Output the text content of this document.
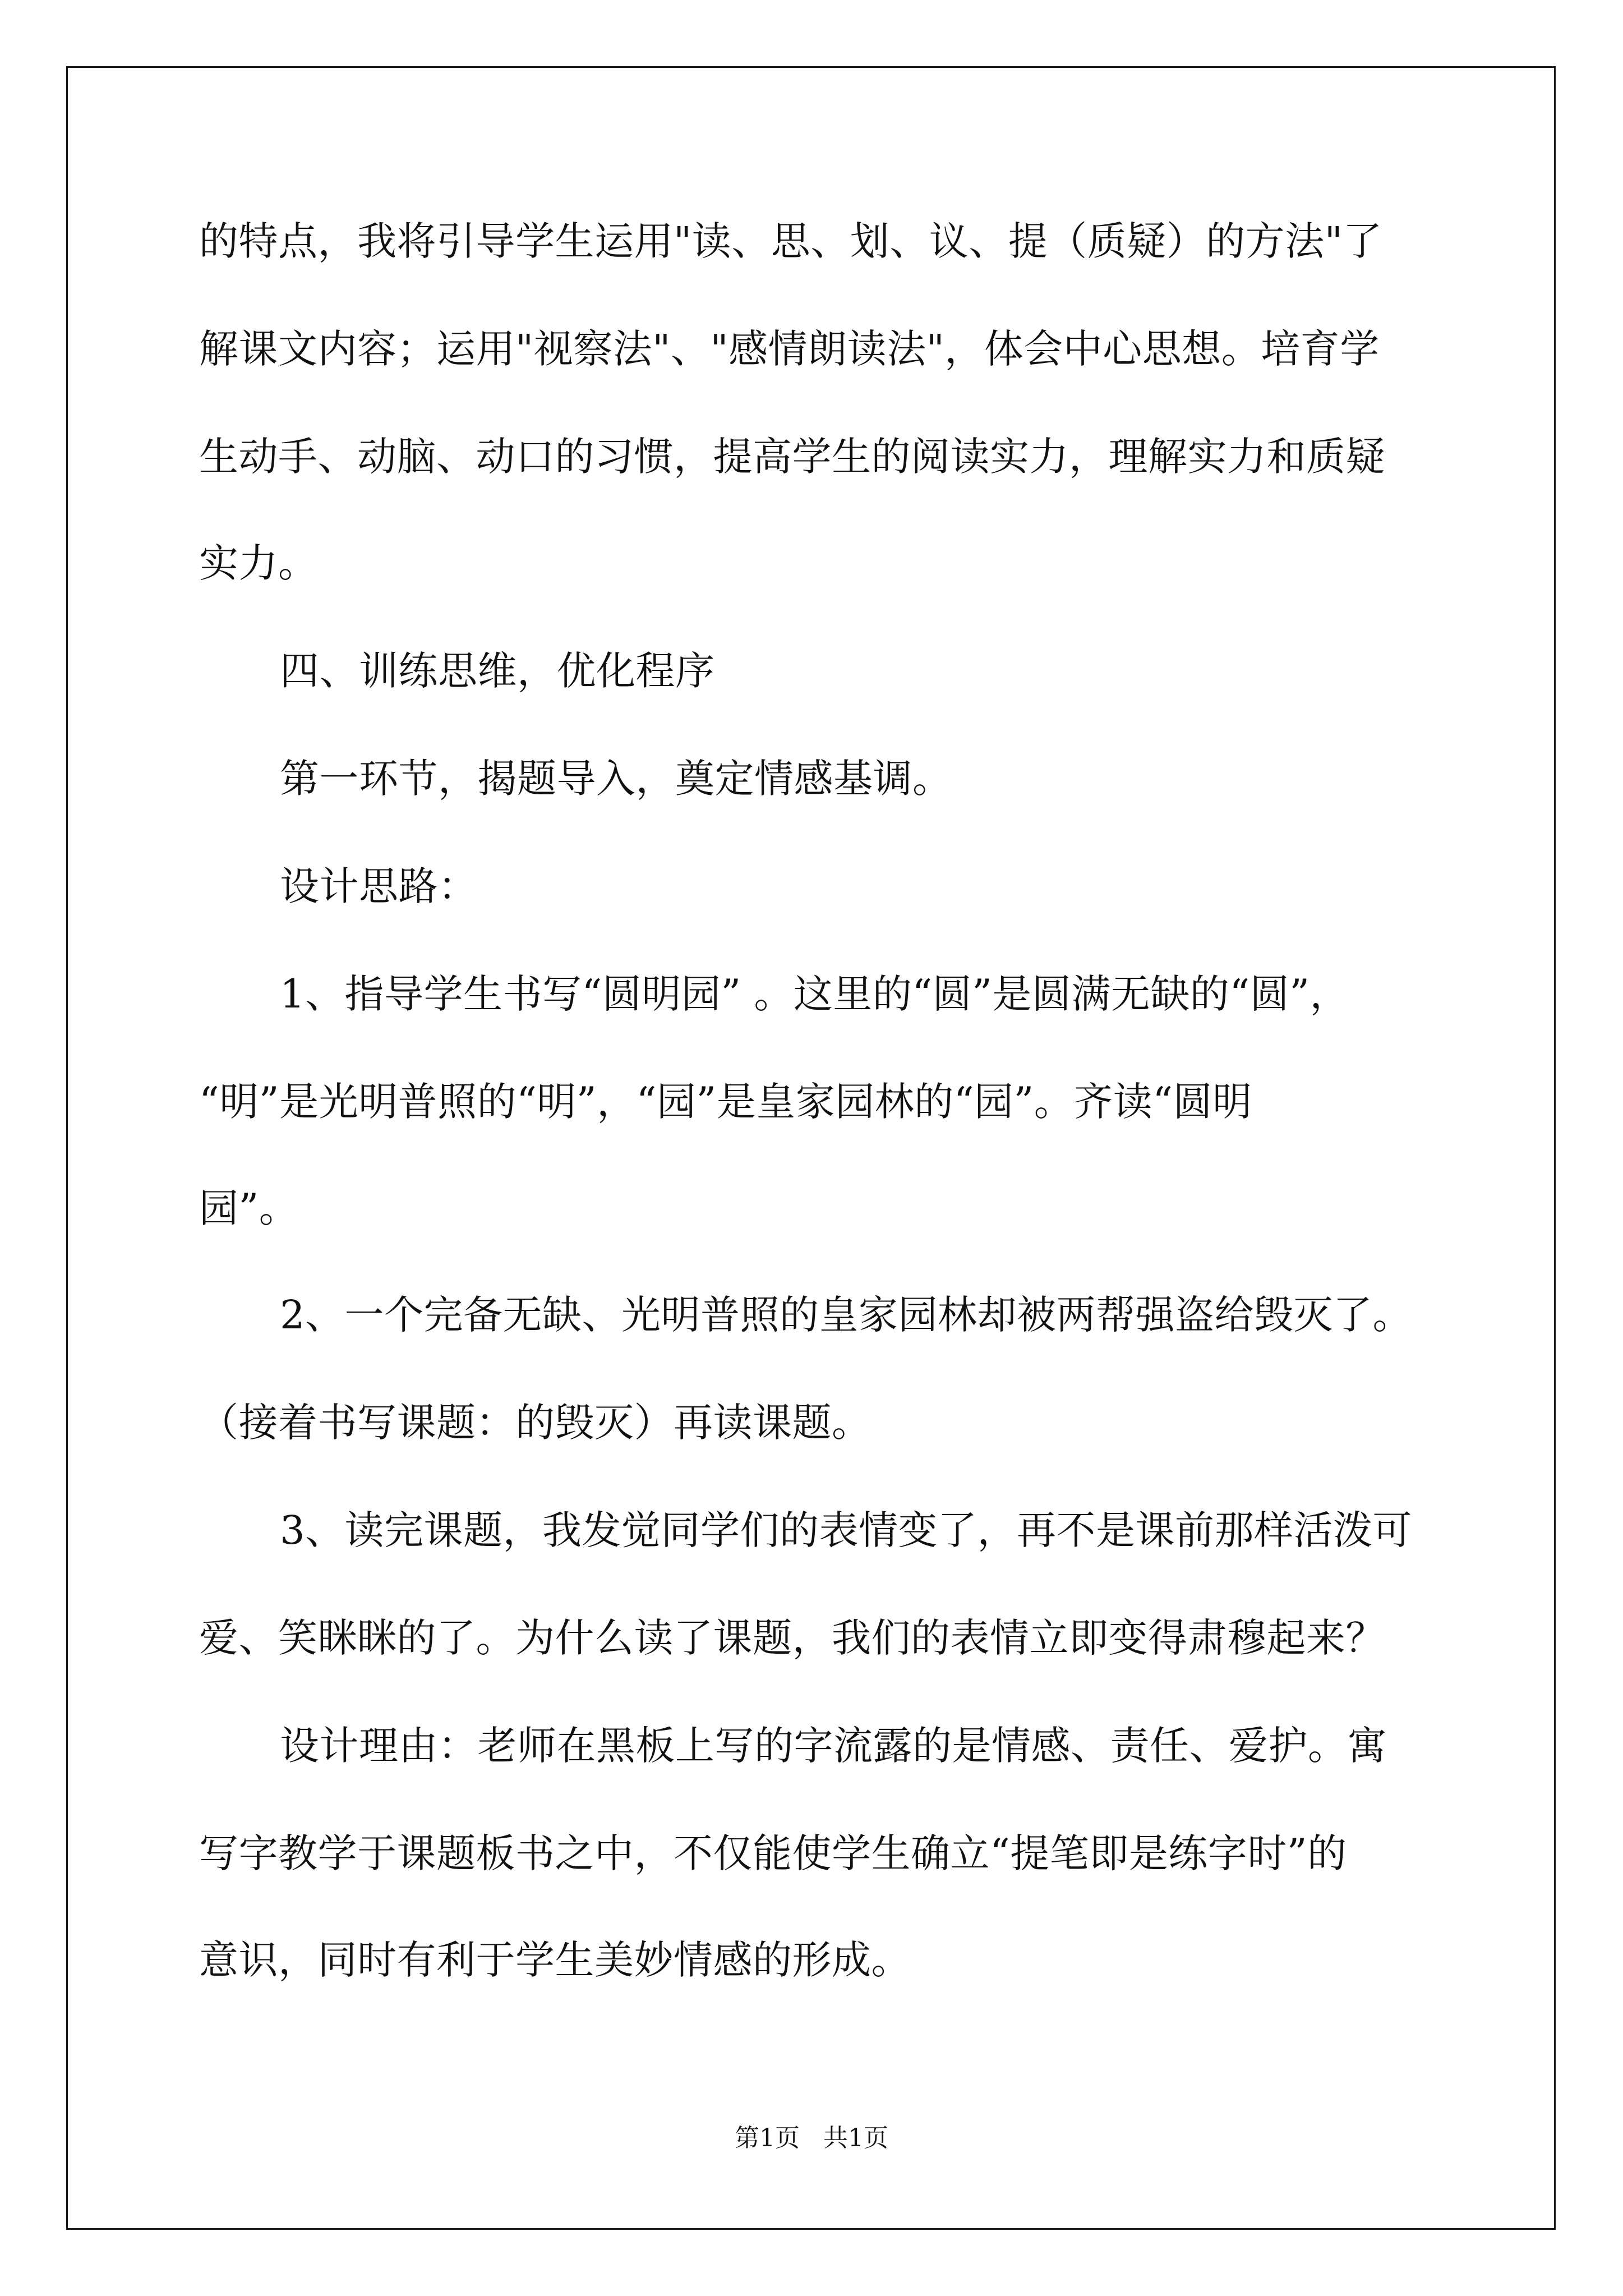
的特点，我将引导学生运用"读、思、划、议、提（质疑）的方法"了
解课文内容；运用"视察法"、"感情朗读法"，体会中心思想。培育学
生动手、动脑、动口的习惯，提高学生的阅读实力，理解实力和质疑
实力。
四、训练思维，优化程序
第一环节，揭题导入，奠定情感基调。
设计思路：
1、指导学生书写“圆明园” 。这里的“圆”是圆满无缺的“圆”，
“明”是光明普照的“明”，“园”是皇家园林的“园”。齐读“圆明
园”。
2、一个完备无缺、光明普照的皇家园林却被两帮强盗给毁灭了。
（接着书写课题：的毁灭）再读课题。
3、读完课题，我发觉同学们的表情变了，再不是课前那样活泼可
爱、笑眯眯的了。为什么读了课题，我们的表情立即变得肃穆起来？
设计理由：老师在黑板上写的字流露的是情感、责任、爱护。寓
写字教学于课题板书之中，不仅能使学生确立“提笔即是练字时”的
意识，同时有利于学生美妙情感的形成。
第1页   共1页
